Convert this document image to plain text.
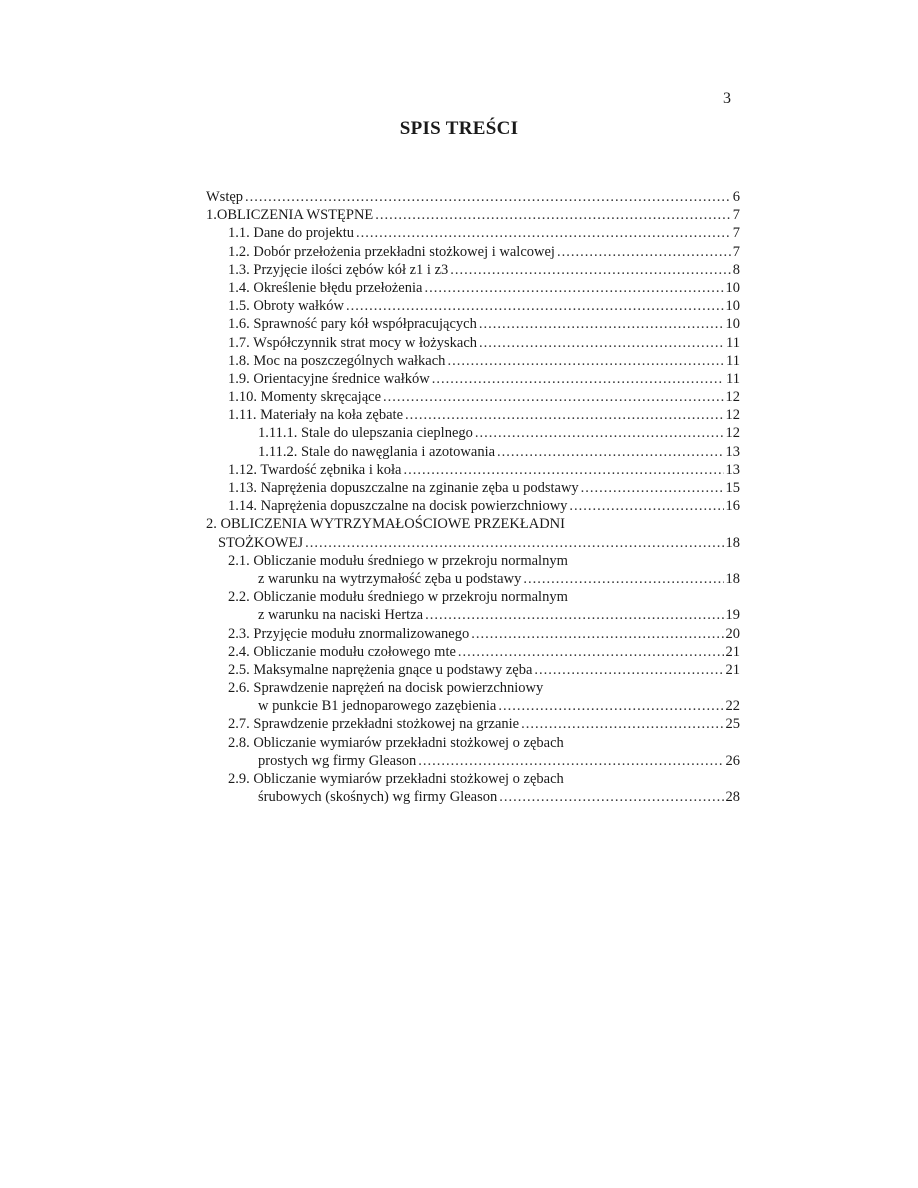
3
SPIS TREŚCI
Wstęp .....	6
1.OBLICZENIA WSTĘPNE .....	7
1.1. Dane do projektu .....	7
1.2. Dobór przełożenia przekładni stożkowej i walcowej .....	7
1.3. Przyjęcie ilości zębów kół z1 i z3 .....	8
1.4. Określenie błędu przełożenia .....	10
1.5. Obroty wałków .....	10
1.6. Sprawność pary kół współpracujących .....	10
1.7. Współczynnik strat mocy w łożyskach .....	11
1.8. Moc na poszczególnych wałkach .....	11
1.9. Orientacyjne średnice wałków .....	11
1.10. Momenty skręcające .....	12
1.11. Materiały na koła zębate .....	12
1.11.1. Stale do ulepszania cieplnego .....	12
1.11.2. Stale do nawęglania i azotowania .....	13
1.12. Twardość zębnika i koła .....	13
1.13. Naprężenia dopuszczalne na zginanie zęba u podstawy .....	15
1.14. Naprężenia dopuszczalne na docisk powierzchniowy .....	16
2. OBLICZENIA WYTRZYMAŁOŚCIOWE PRZEKŁADNI
STOŻKOWEJ .....	18
2.1. Obliczanie modułu średniego w przekroju normalnym
z warunku na wytrzymałość zęba u podstawy .....	18
2.2. Obliczanie modułu średniego w przekroju normalnym
z warunku na naciski Hertza .....	19
2.3. Przyjęcie modułu znormalizowanego .....	20
2.4. Obliczanie modułu czołowego mte .....	21
2.5. Maksymalne naprężenia gnące u podstawy zęba .....	21
2.6. Sprawdzenie naprężeń na docisk powierzchniowy
w punkcie B1 jednoparowego zazębienia .....	22
2.7. Sprawdzenie przekładni stożkowej na grzanie .....	25
2.8. Obliczanie wymiarów przekładni stożkowej o zębach
prostych wg firmy Gleason .....	26
2.9. Obliczanie wymiarów przekładni stożkowej o zębach
śrubowych (skośnych) wg firmy Gleason .....	28
